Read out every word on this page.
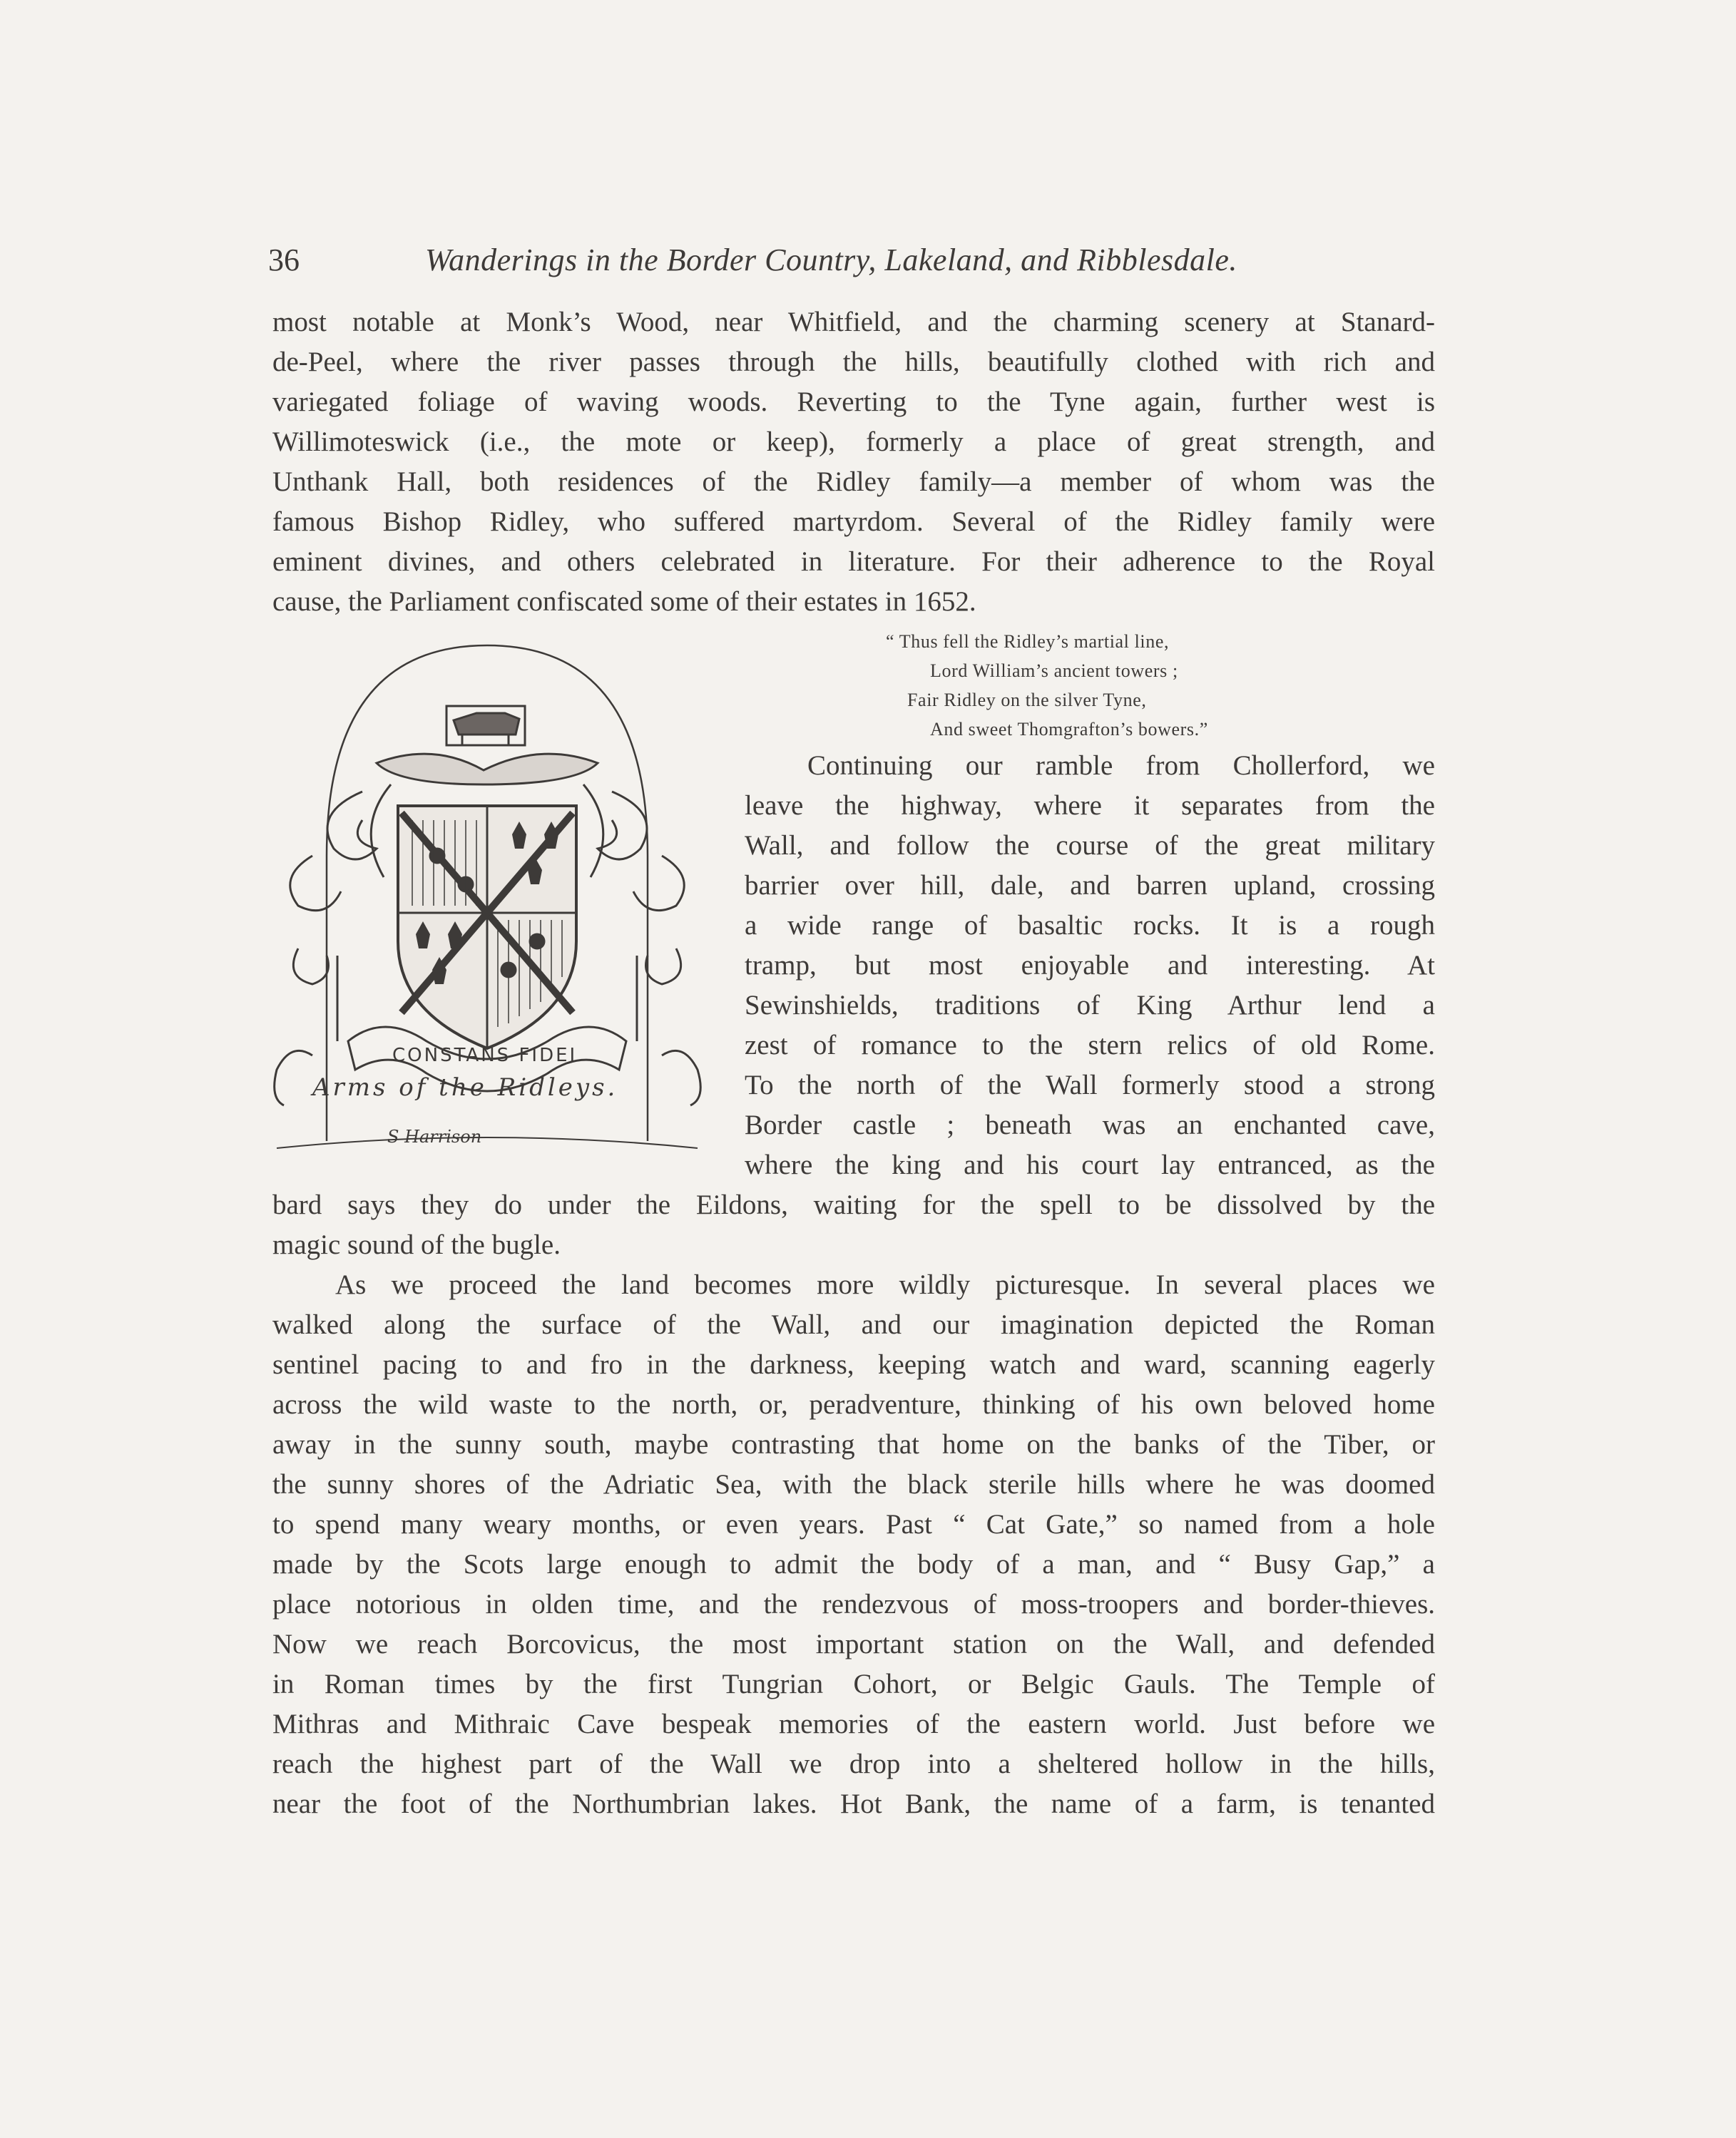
36	Wanderings in the Border Country, Lakeland, and Ribblesdale.
most notable at Monk’s Wood, near Whitfield, and the charming scenery at Stanard-
de-Peel, where the river passes through the hills, beautifully clothed with rich and
variegated foliage of waving woods. Reverting to the Tyne again, further west is
Willimoteswick (i.e., the mote or keep), formerly a place of great strength, and
Unthank Hall, both residences of the Ridley family—a member of whom was the
famous Bishop Ridley, who suffered martyrdom. Several of the Ridley family were
eminent divines, and others celebrated in literature. For their adherence to the Royal
cause, the Parliament confiscated some of their estates in 1652.
“ Thus fell the Ridley’s martial line,
Lord William’s ancient towers ;
Fair Ridley on the silver Tyne,
And sweet Thomgrafton’s bowers.”
CONSTANS FIDEI
Arms of the Ridleys.
S Harrison
Continuing our ramble from Chollerford, we
leave the highway, where it separates from the
Wall, and follow the course of the great military
barrier over hill, dale, and barren upland, crossing
a wide range of basaltic rocks. It is a rough
tramp, but most enjoyable and interesting. At
Sewinshields, traditions of King Arthur lend a
zest of romance to the stern relics of old Rome.
To the north of the Wall formerly stood a strong
Border castle ; beneath was an enchanted cave,
where the king and his court lay entranced, as the
bard says they do under the Eildons, waiting for the spell to be dissolved by the
magic sound of the bugle.
As we proceed the land becomes more wildly picturesque. In several places we
walked along the surface of the Wall, and our imagination depicted the Roman
sentinel pacing to and fro in the darkness, keeping watch and ward, scanning eagerly
across the wild waste to the north, or, peradventure, thinking of his own beloved home
away in the sunny south, maybe contrasting that home on the banks of the Tiber, or
the sunny shores of the Adriatic Sea, with the black sterile hills where he was doomed
to spend many weary months, or even years. Past “ Cat Gate,” so named from a hole
made by the Scots large enough to admit the body of a man, and “ Busy Gap,” a
place notorious in olden time, and the rendezvous of moss-troopers and border-thieves.
Now we reach Borcovicus, the most important station on the Wall, and defended
in Roman times by the first Tungrian Cohort, or Belgic Gauls. The Temple of
Mithras and Mithraic Cave bespeak memories of the eastern world. Just before we
reach the highest part of the Wall we drop into a sheltered hollow in the hills,
near the foot of the Northumbrian lakes. Hot Bank, the name of a farm, is tenanted
